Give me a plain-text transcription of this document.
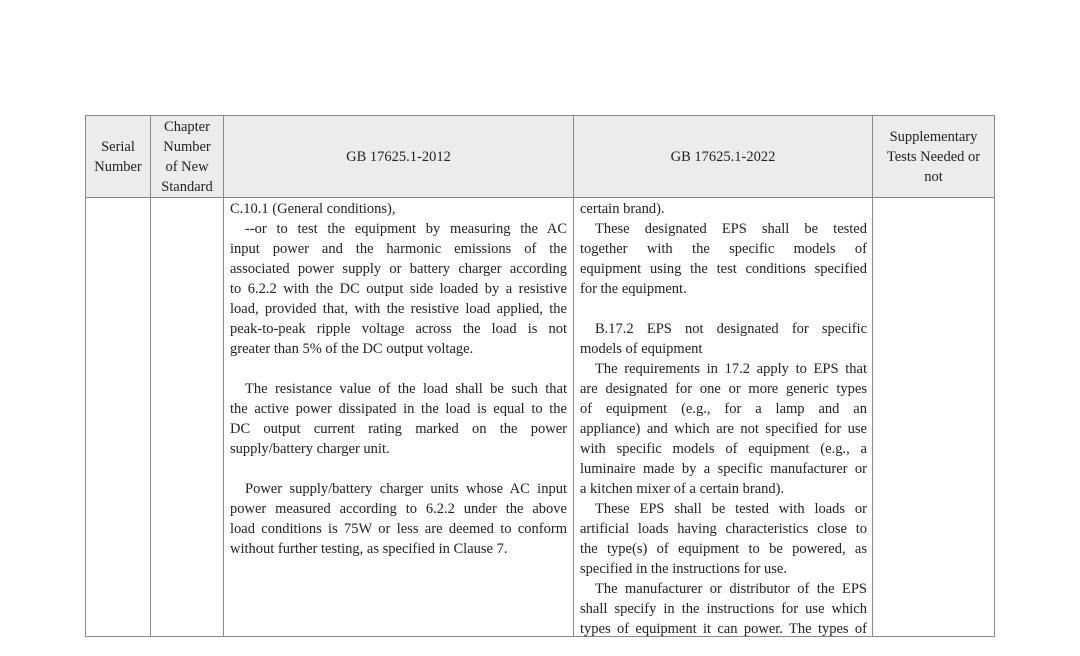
Serial Number
Chapter Number of New Standard
GB 17625.1-2012	GB 17625.1-2022
Supplementary Tests Needed or not
C.10.1 (General conditions),
--or to test the equipment by measuring the AC
input power and the harmonic emissions of the
associated power supply or battery charger according
to 6.2.2 with the DC output side loaded by a resistive
load, provided that, with the resistive load applied, the
peak-to-peak ripple voltage across the load is not
greater than 5% of the DC output voltage.
The resistance value of the load shall be such that
the active power dissipated in the load is equal to the
DC output current rating marked on the power
supply/battery charger unit.
Power supply/battery charger units whose AC input
power measured according to 6.2.2 under the above
load conditions is 75W or less are deemed to conform
without further testing, as specified in Clause 7.
certain brand).
These designated EPS shall be tested
together with the specific models of
equipment using the test conditions specified
for the equipment.
B.17.2 EPS not designated for specific
models of equipment
The requirements in 17.2 apply to EPS that
are designated for one or more generic types
of equipment (e.g., for a lamp and an
appliance) and which are not specified for use
with specific models of equipment (e.g., a
luminaire made by a specific manufacturer or
a kitchen mixer of a certain brand).
These EPS shall be tested with loads or
artificial loads having characteristics close to
the type(s) of equipment to be powered, as
specified in the instructions for use.
The manufacturer or distributor of the EPS
shall specify in the instructions for use which
types of equipment it can power. The types of
